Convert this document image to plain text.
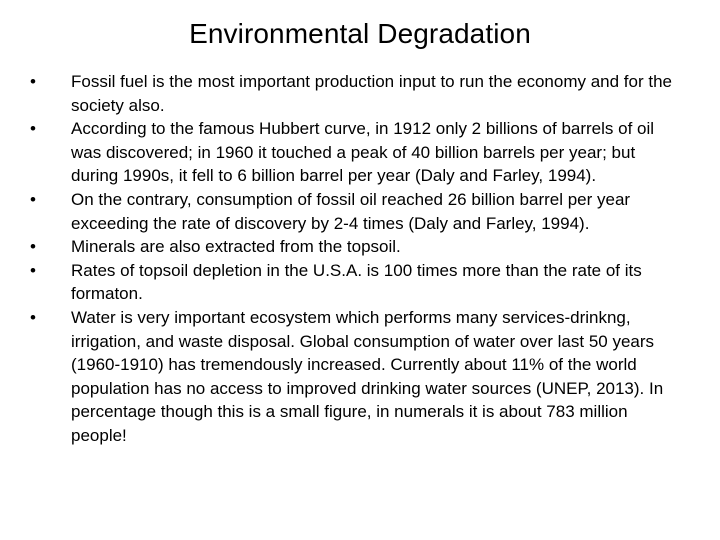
Environmental Degradation
•	Fossil fuel is the most important production input to run the economy and for the society also.
•	According to the famous Hubbert curve, in 1912 only 2 billions of barrels of oil was discovered; in 1960 it touched a peak of 40 billion barrels per year; but during 1990s, it fell to 6 billion barrel per year (Daly and Farley, 1994).
•	On the contrary, consumption of fossil oil reached 26 billion barrel per year exceeding the rate of discovery by 2-4 times (Daly and Farley, 1994).
•	Minerals are also extracted from the topsoil.
•	Rates of topsoil depletion in the U.S.A. is 100 times more than the rate of its formaton.
•	Water is very important ecosystem which performs many services-drinkng, irrigation, and waste disposal. Global consumption of water over last 50 years (1960-1910) has tremendously increased. Currently about 11% of the world population has no access to improved drinking water sources (UNEP, 2013). In percentage though this is a small figure, in numerals it is about 783 million people!
